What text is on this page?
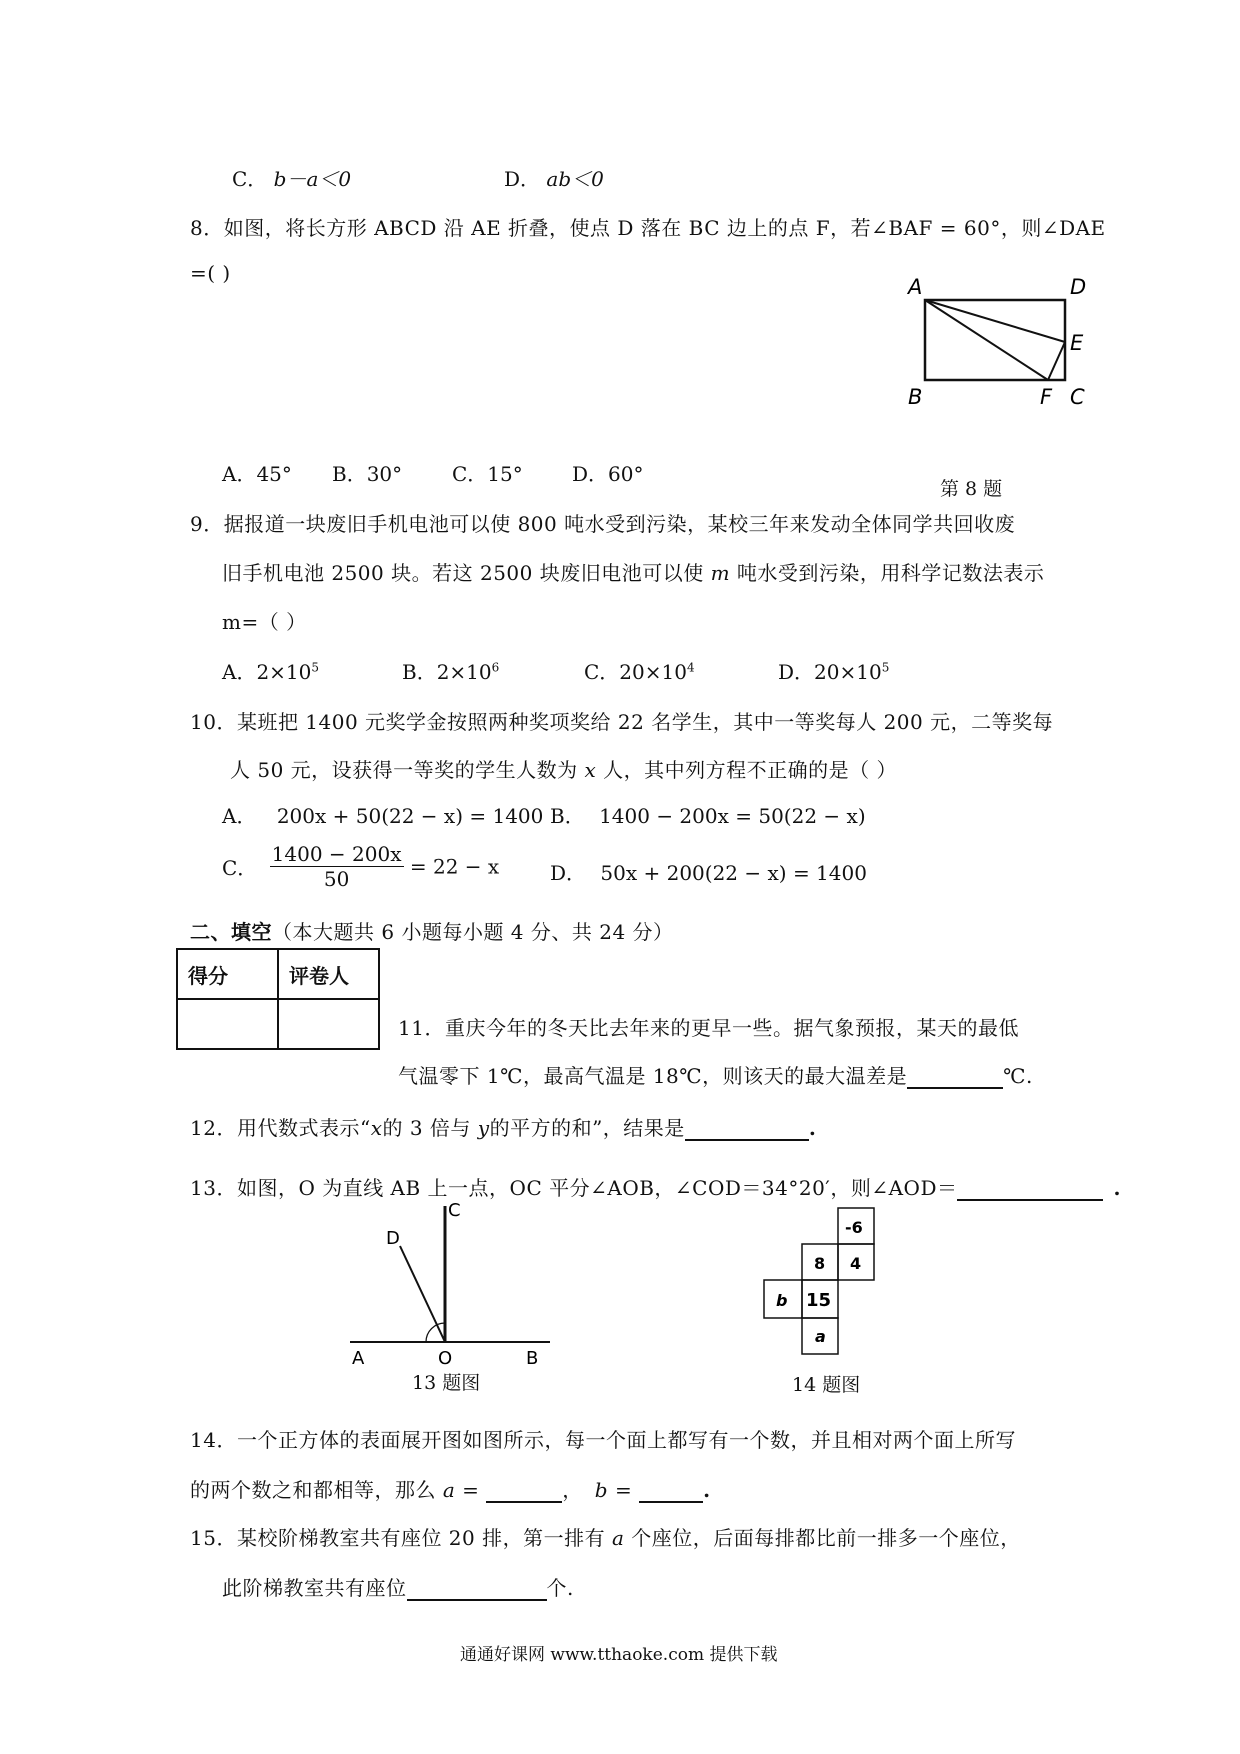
C． b－a＜0	D． ab＜0
8．如图，将长方形 ABCD 沿 AE 折叠，使点 D 落在 BC 边上的点 F，若∠BAF = 60°，则∠DAE
=( )
A	D
E
B	F C
A．45° B．30° C．15° D．60°
第 8 题
9．据报道一块废旧手机电池可以使 800 吨水受到污染，某校三年来发动全体同学共回收废
旧手机电池 2500 块。若这 2500 块废旧电池可以使 m 吨水受到污染，用科学记数法表示
m=（ ）
A．$2\times 10^5$	B．$2\times 10^6$	C．$20\times 10^4$	D．$20\times 10^5$
10．某班把 1400 元奖学金按照两种奖项奖给 22 名学生，其中一等奖每人 200 元，二等奖每
人 50 元，设获得一等奖的学生人数为 x 人，其中列方程不正确的是（ ）
A． 200x + 50(22 − x) = 1400 B． 1400 − 200x = 50(22 − x)
C． $\frac{1400 - 200x}{50} = 22 - x$	D． 50x + 200(22 − x) = 1400
二、填空（本大题共 6 小题每小题 4 分、共 24 分）
得分	评卷人

11．重庆今年的冬天比去年来的更早一些。据气象预报，某天的最低
气温零下 1℃，最高气温是 18℃，则该天的最大温差是	℃.
12．用代数式表示“x的 3 倍与 y的平方的和”，结果是	.
13．如图，O 为直线 AB 上一点，OC 平分∠AOB，∠COD＝34°20′，则∠AOD＝	.
C
D
A	O	B
13 题图
-6
8 4
b 15
a
14 题图
14．一个正方体的表面展开图如图所示，每一个面上都写有一个数，并且相对两个面上所写
的两个数之和都相等，那么 a =	， b =	.
15．某校阶梯教室共有座位 20 排，第一排有 a 个座位，后面每排都比前一排多一个座位，
此阶梯教室共有座位	个.
通通好课网 www.tthaoke.com 提供下载
